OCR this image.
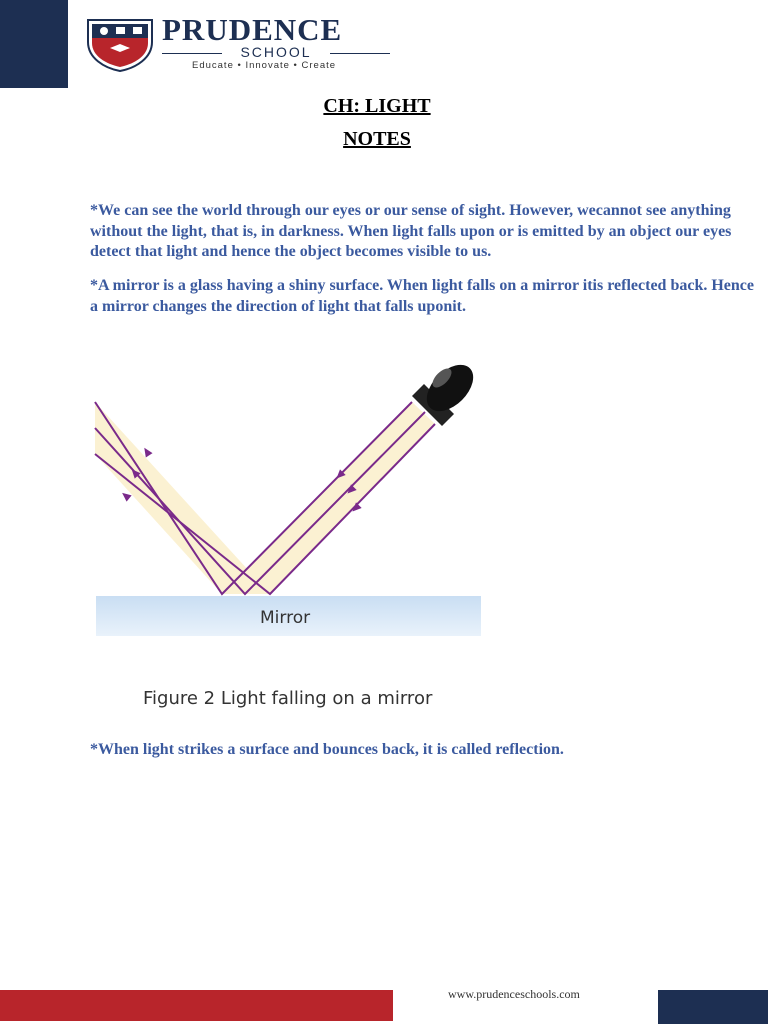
PRUDENCE
SCHOOL
Educate • Innovate • Create
CH: LIGHT
NOTES
*We can see the world through our eyes or our sense of sight. However, wecannot see anything without the light, that is, in darkness. When light falls upon or is emitted by an object our eyes detect that light and hence the object becomes visible to us.
*A mirror is a glass having a shiny surface. When light falls on a mirror itis reflected back. Hence a mirror changes the direction of light that falls uponit.
Mirror
Figure 2 Light falling on a mirror
*When light strikes a surface and bounces back, it is called reflection.
www.prudenceschools.com
